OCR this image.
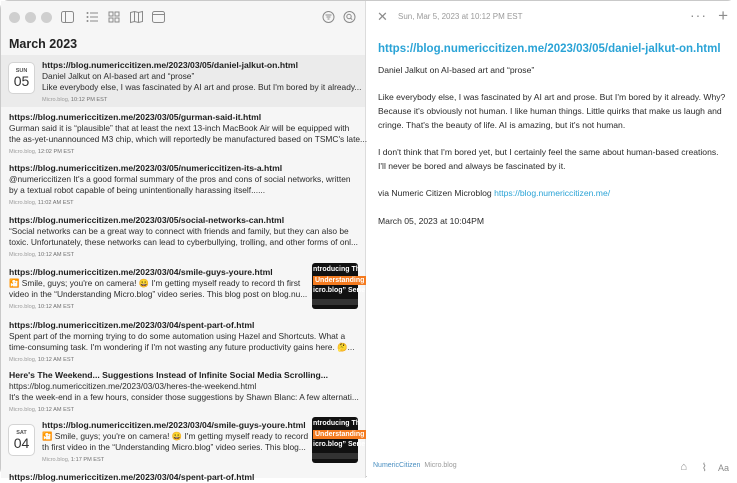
March 2023
https://blog.numericcitizen.me/2023/03/05/daniel-jalkut-on.html
Daniel Jalkut on AI-based art and “prose”
Like everybody else, I was fascinated by AI art and prose. But I'm bored by it already...
Micro.blog, 10:12 PM EST
SUN
05
https://blog.numericcitizen.me/2023/03/05/gurman-said-it.html
Gurman said it is “plausible” that at least the next 13-inch MacBook Air will be equipped with
the as-yet-unannounced M3 chip, which will reportedly be manufactured based on TSMC's late...
Micro.blog, 12:02 PM EST
https://blog.numericcitizen.me/2023/03/05/numericcitizen-its-a.html
@numericcitizen It's a good formal summary of the pros and cons of social networks, written
by a textual robot capable of being unintentionally harassing itself......
Micro.blog, 11:02 AM EST
https://blog.numericcitizen.me/2023/03/05/social-networks-can.html
“Social networks can be a great way to connect with friends and family, but they can also be
toxic. Unfortunately, these networks can lead to cyberbullying, trolling, and other forms of onl...
Micro.blog, 10:12 AM EST
https://blog.numericcitizen.me/2023/03/04/smile-guys-youre.html
🎦 Smile, guys; you're on camera! 😀 I'm getting myself ready to record th first
video in the “Understanding Micro.blog” video series. This blog post on blog.nu...
Micro.blog, 10:12 AM EST
ntroducing Th
Understanding
icro.blog” Serie
https://blog.numericcitizen.me/2023/03/04/spent-part-of.html
Spent part of the morning trying to do some automation using Hazel and Shortcuts. What a
time-consuming task. I'm wondering if I'm not wasting any future productivity gains here. 🤔...
Micro.blog, 10:12 AM EST
Here's The Weekend... Suggestions Instead of Infinite Social Media Scrolling...
https://blog.numericcitizen.me/2023/03/03/heres-the-weekend.html
It's the week-end in a few hours, consider those suggestions by Shawn Blanc: A few alternati...
Micro.blog, 10:12 AM EST
https://blog.numericcitizen.me/2023/03/04/smile-guys-youre.html
🎦 Smile, guys; you're on camera! 😀 I'm getting myself ready to record
th first video in the “Understanding Micro.blog” video series. This blog...
Micro.blog, 1:17 PM EST
SAT
04
ntroducing Th
Understanding
icro.blog” Serie
https://blog.numericcitizen.me/2023/03/04/spent-part-of.html
✕ Sun, Mar 5, 2023 at 10:12 PM EST	··· +
https://blog.numericcitizen.me/2023/03/05/daniel-jalkut-on.html

Daniel Jalkut on AI-based art and “prose”

Like everybody else, I was fascinated by AI art and prose. But I'm bored by it already. Why? Because it's obviously not human. I like human things. Little quirks that make us laugh and cringe. That's the beauty of life. AI is amazing, but it's not human.

I don't think that I'm bored yet, but I certainly feel the same about human-based creations. I'll never be bored and always be fascinated by it.

via Numeric Citizen Microblog https://blog.numericcitizen.me/

March 05, 2023 at 10:04PM

NumericCitizen Micro.blog	⌂ ⌇ Aa
